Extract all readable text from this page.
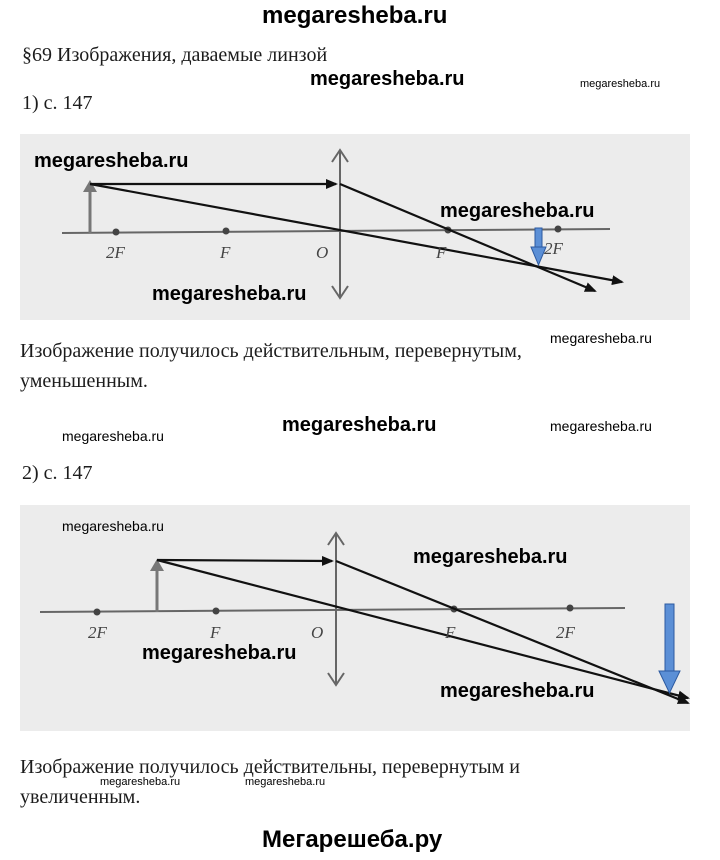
megaresheba.ru
§69 Изображения, даваемые линзой
megaresheba.ru	megaresheba.ru
1) с. 147
2F	F	O	F	2F
megaresheba.ru
megaresheba.ru
megaresheba.ru
megaresheba.ru
Изображение получилось действительным, перевернутым,
уменьшенным.
megaresheba.ru	megaresheba.ru	megaresheba.ru
2) с. 147
2F	F	O	F	2F
megaresheba.ru
megaresheba.ru
megaresheba.ru
megaresheba.ru
Изображение получилось действительны, перевернутым и
увеличенным.
megaresheba.ru	megaresheba.ru
Мегарешеба.ру
